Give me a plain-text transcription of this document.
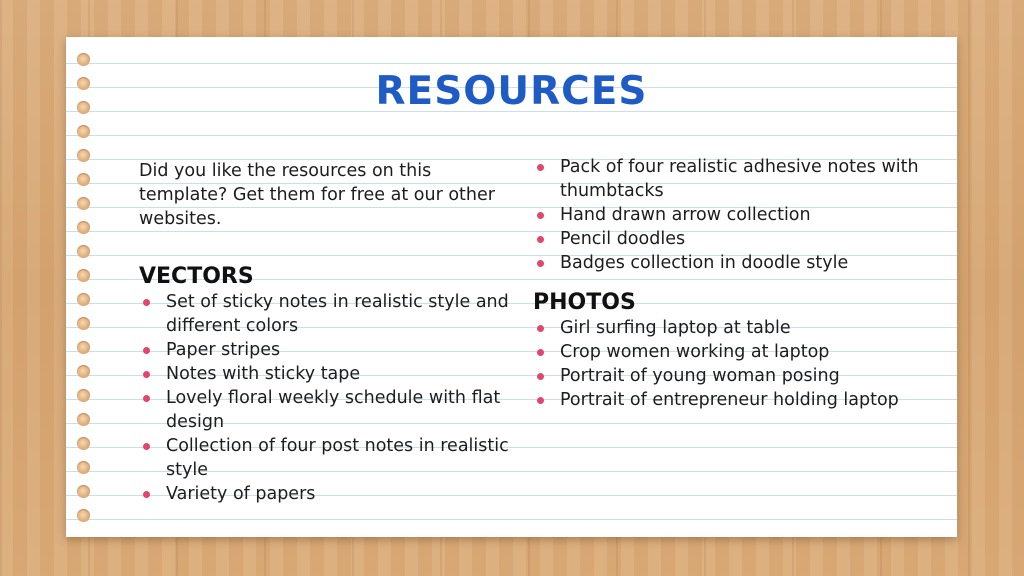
RESOURCES

Did you like the resources on this template? Get them for free at our other websites.

VECTORS
Set of sticky notes in realistic style and different colors
Paper stripes
Notes with sticky tape
Lovely floral weekly schedule with flat design
Collection of four post notes in realistic style
Variety of papers
Pack of four realistic adhesive notes with thumbtacks
Hand drawn arrow collection
Pencil doodles
Badges collection in doodle style
PHOTOS
Girl surfing laptop at table
Crop women working at laptop
Portrait of young woman posing
Portrait of entrepreneur holding laptop
